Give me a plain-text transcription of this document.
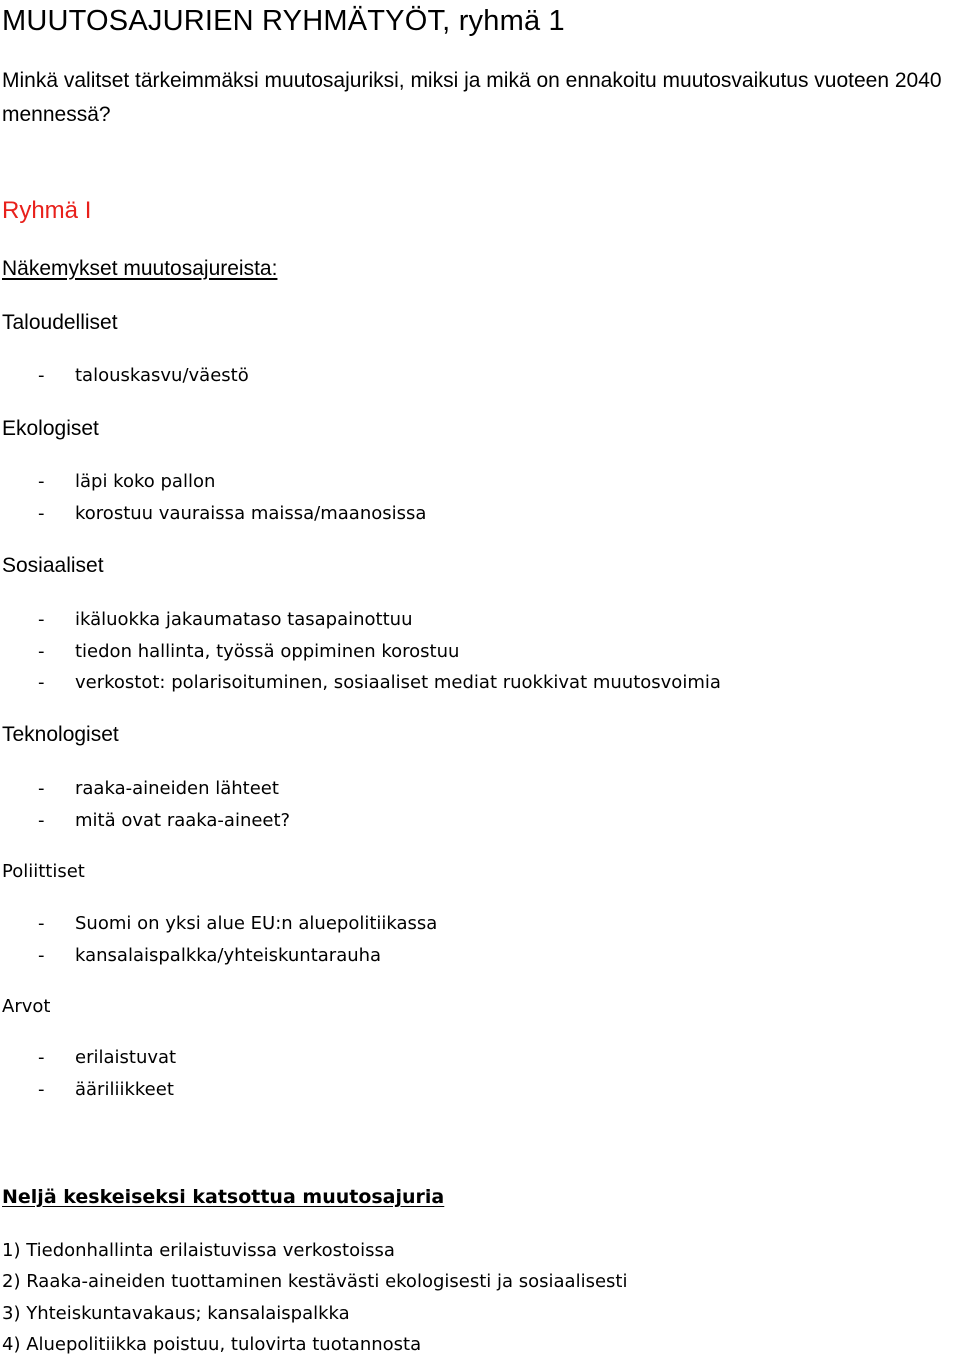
MUUTOSAJURIEN RYHMÄTYÖT, ryhmä 1
Minkä valitset tärkeimmäksi muutosajuriksi, miksi ja mikä on ennakoitu muutosvaikutus vuoteen 2040 mennessä?
Ryhmä I
Näkemykset muutosajureista:
Taloudelliset
- talouskasvu/väestö
Ekologiset
- läpi koko pallon
- korostuu vauraissa maissa/maanosissa
Sosiaaliset
- ikäluokka jakaumataso tasapainottuu
- tiedon hallinta, työssä oppiminen korostuu
- verkostot: polarisoituminen, sosiaaliset mediat ruokkivat muutosvoimia
Teknologiset
- raaka-aineiden lähteet
- mitä ovat raaka-aineet?
Poliittiset
- Suomi on yksi alue EU:n aluepolitiikassa
- kansalaispalkka/yhteiskuntarauha
Arvot
- erilaistuvat
- ääriliikkeet
Neljä keskeiseksi katsottua muutosajuria
1) Tiedonhallinta erilaistuvissa verkostoissa
2) Raaka-aineiden tuottaminen kestävästi ekologisesti ja sosiaalisesti
3) Yhteiskuntavakaus; kansalaispalkka
4) Aluepolitiikka poistuu, tulovirta tuotannosta
